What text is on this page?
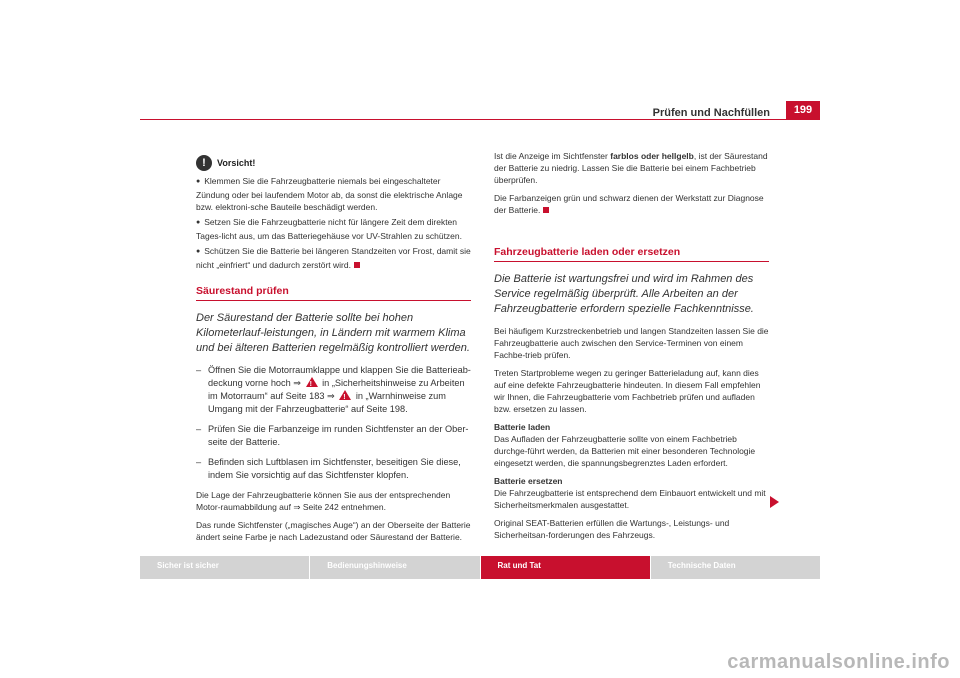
Prüfen und Nachfüllen	199
!	Vorsicht!
● Klemmen Sie die Fahrzeugbatterie niemals bei eingeschalteter Zündung oder bei laufendem Motor ab, da sonst die elektrische Anlage bzw. elektroni-sche Bauteile beschädigt werden.
● Setzen Sie die Fahrzeugbatterie nicht für längere Zeit dem direkten Tages-licht aus, um das Batteriegehäuse vor UV-Strahlen zu schützen.
● Schützen Sie die Batterie bei längeren Standzeiten vor Frost, damit sie nicht „einfriert“ und dadurch zerstört wird.
Säurestand prüfen
Der Säurestand der Batterie sollte bei hohen Kilometerlauf-leistungen, in Ländern mit warmem Klima und bei älteren Batterien regelmäßig kontrolliert werden.
– Öffnen Sie die Motorraumklappe und klappen Sie die Batterieab-deckung vorne hoch ⇒ ! in „Sicherheitshinweise zu Arbeiten im Motorraum“ auf Seite 183 ⇒ ! in „Warnhinweise zum Umgang mit der Fahrzeugbatterie“ auf Seite 198.
– Prüfen Sie die Farbanzeige im runden Sichtfenster an der Ober-seite der Batterie.
– Befinden sich Luftblasen im Sichtfenster, beseitigen Sie diese, indem Sie vorsichtig auf das Sichtfenster klopfen.
Die Lage der Fahrzeugbatterie können Sie aus der entsprechenden Motor-raumabbildung auf ⇒ Seite 242 entnehmen.
Das runde Sichtfenster („magisches Auge“) an der Oberseite der Batterie ändert seine Farbe je nach Ladezustand oder Säurestand der Batterie.
Ist die Anzeige im Sichtfenster farblos oder hellgelb, ist der Säurestand der Batterie zu niedrig. Lassen Sie die Batterie bei einem Fachbetrieb überprüfen.
Die Farbanzeigen grün und schwarz dienen der Werkstatt zur Diagnose der Batterie.
Fahrzeugbatterie laden oder ersetzen
Die Batterie ist wartungsfrei und wird im Rahmen des Service regelmäßig überprüft. Alle Arbeiten an der Fahrzeugbatterie erfordern spezielle Fachkenntnisse.
Bei häufigem Kurzstreckenbetrieb und langen Standzeiten lassen Sie die Fahrzeugbatterie auch zwischen den Service-Terminen von einem Fachbe-trieb prüfen.
Treten Startprobleme wegen zu geringer Batterieladung auf, kann dies auf eine defekte Fahrzeugbatterie hindeuten. In diesem Fall empfehlen wir Ihnen, die Fahrzeugbatterie vom Fachbetrieb prüfen und aufladen bzw. ersetzen zu lassen.
Batterie laden
Das Aufladen der Fahrzeugbatterie sollte von einem Fachbetrieb durchge-führt werden, da Batterien mit einer besonderen Technologie eingesetzt werden, die spannungsbegrenztes Laden erfordert.
Batterie ersetzen
Die Fahrzeugbatterie ist entsprechend dem Einbauort entwickelt und mit Sicherheitsmerkmalen ausgestattet.
Original SEAT-Batterien erfüllen die Wartungs-, Leistungs- und Sicherheitsan-forderungen des Fahrzeugs.
Sicher ist sicher	Bedienungshinweise	Rat und Tat	Technische Daten
carmanualsonline.info
